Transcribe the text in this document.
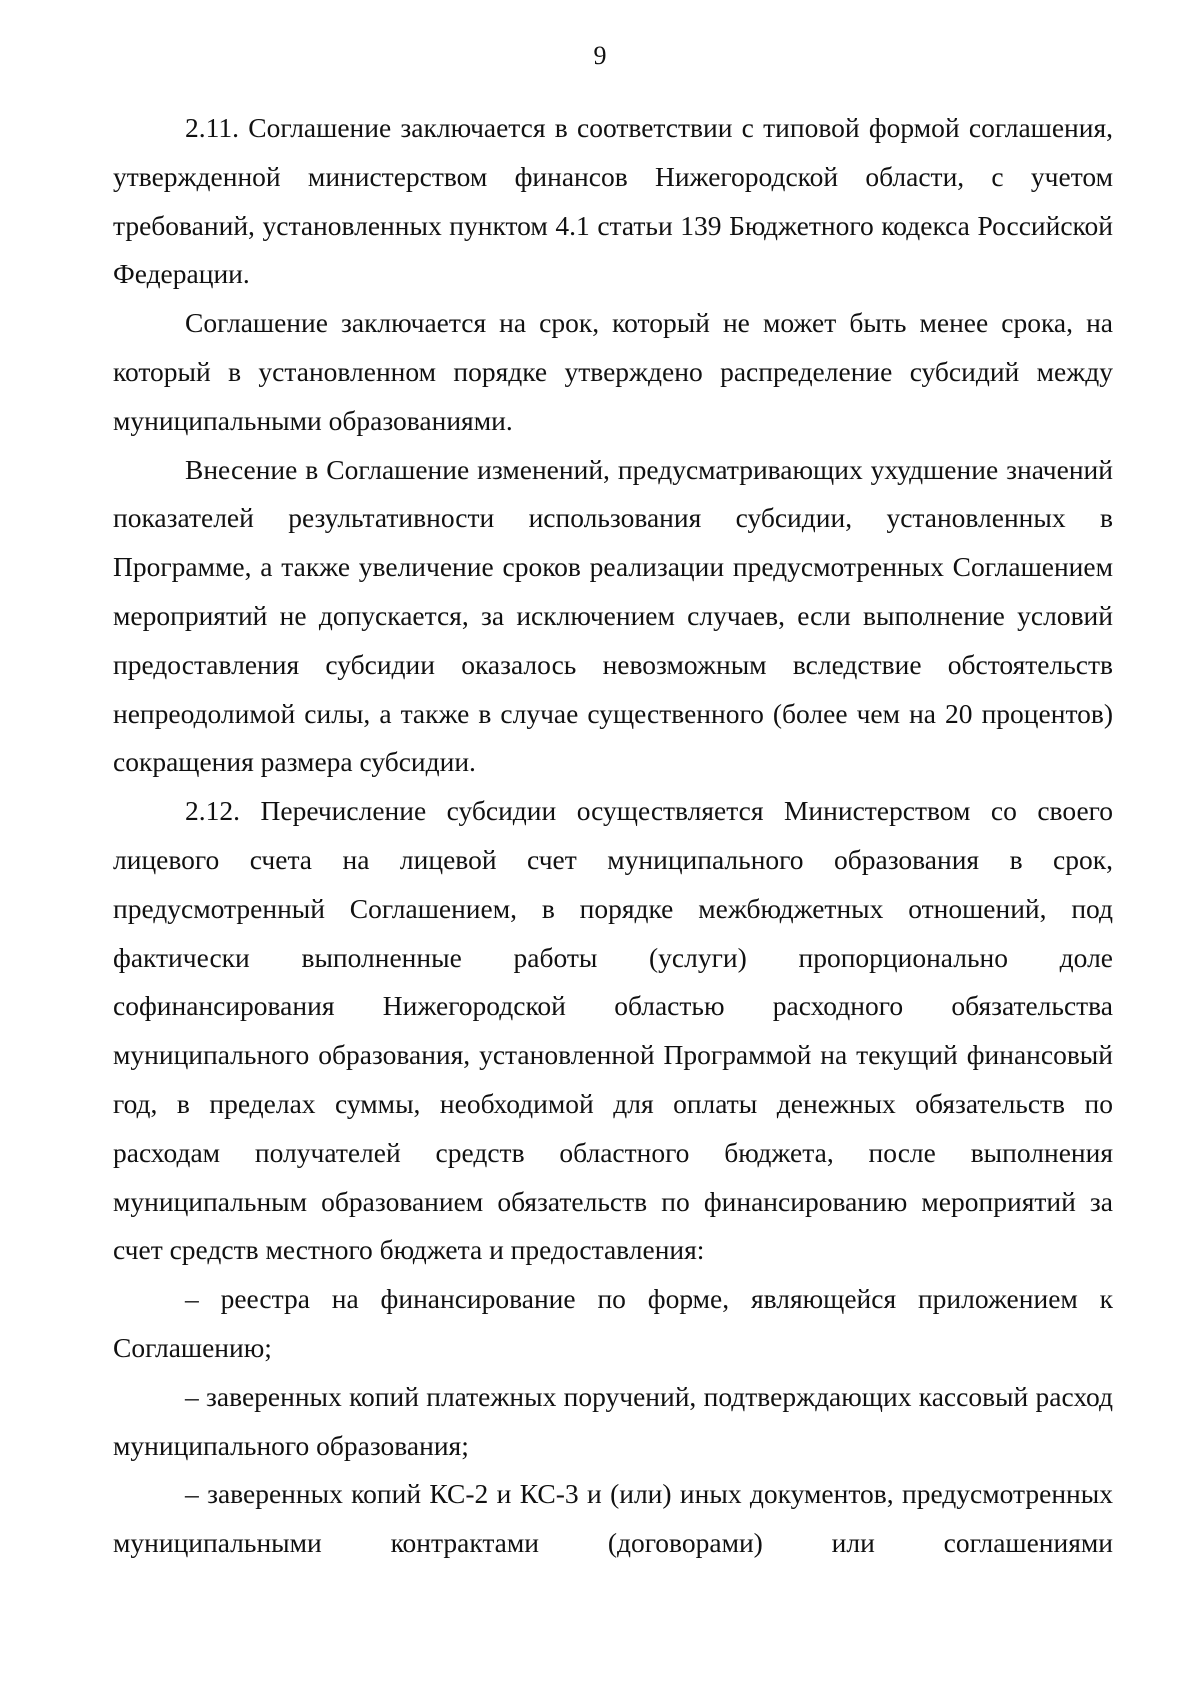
9

2.11. Соглашение заключается в соответствии с типовой формой соглашения, утвержденной министерством финансов Нижегородской области, с учетом требований, установленных пунктом 4.1 статьи 139 Бюджетного кодекса Российской Федерации.

Соглашение заключается на срок, который не может быть менее срока, на который в установленном порядке утверждено распределение субсидий между муниципальными образованиями.

Внесение в Соглашение изменений, предусматривающих ухудшение значений показателей результативности использования субсидии, установленных в Программе, а также увеличение сроков реализации предусмотренных Соглашением мероприятий не допускается, за исключением случаев, если выполнение условий предоставления субсидии оказалось невозможным вследствие обстоятельств непреодолимой силы, а также в случае существенного (более чем на 20 процентов) сокращения размера субсидии.

2.12. Перечисление субсидии осуществляется Министерством со своего лицевого счета на лицевой счет муниципального образования в срок, предусмотренный Соглашением, в порядке межбюджетных отношений, под фактически выполненные работы (услуги) пропорционально доле софинансирования Нижегородской областью расходного обязательства муниципального образования, установленной Программой на текущий финансовый год, в пределах суммы, необходимой для оплаты денежных обязательств по расходам получателей средств областного бюджета, после выполнения муниципальным образованием обязательств по финансированию мероприятий за счет средств местного бюджета и предоставления:

– реестра на финансирование по форме, являющейся приложением к Соглашению;

– заверенных копий платежных поручений, подтверждающих кассовый расход муниципального образования;

– заверенных копий КС-2 и КС-3 и (или) иных документов, предусмотренных муниципальными контрактами (договорами) или соглашениями
